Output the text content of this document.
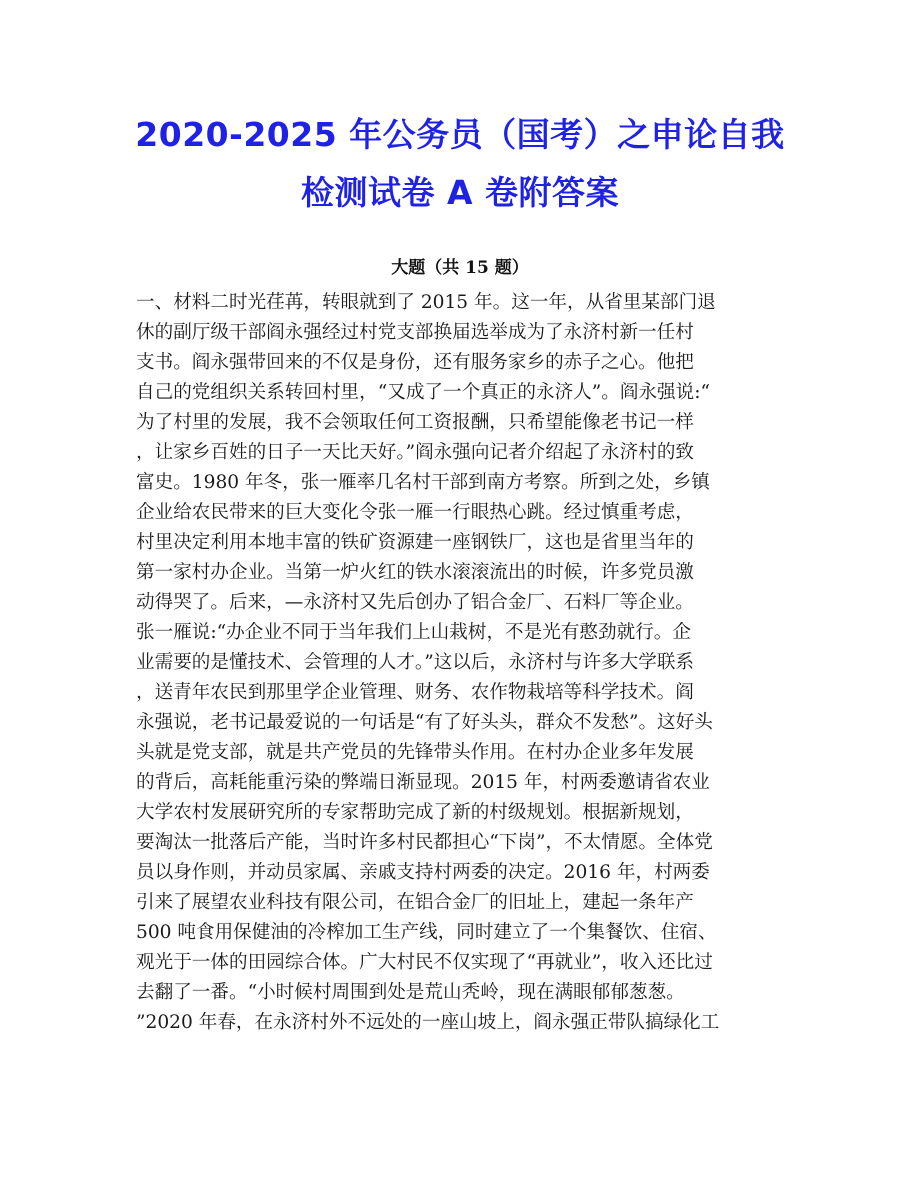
2020-2025 年公务员（国考）之申论自我
检测试卷 A 卷附答案
大题（共 15 题）
一、材料二时光荏苒，转眼就到了 2015 年。这一年，从省里某部门退
休的副厅级干部阎永强经过村党支部换届选举成为了永济村新一任村
支书。阎永强带回来的不仅是身份，还有服务家乡的赤子之心。他把
自己的党组织关系转回村里，“又成了一个真正的永济人”。阎永强说:“
为了村里的发展，我不会领取任何工资报酬，只希望能像老书记一样
，让家乡百姓的日子一天比天好。”阎永强向记者介绍起了永济村的致
富史。1980 年冬，张一雁率几名村干部到南方考察。所到之处，乡镇
企业给农民带来的巨大变化令张一雁一行眼热心跳。经过慎重考虑，
村里决定利用本地丰富的铁矿资源建一座钢铁厂，这也是省里当年的
第一家村办企业。当第一炉火红的铁水滚滚流出的时候，许多党员激
动得哭了。后来，—永济村又先后创办了铝合金厂、石料厂等企业。
张一雁说:“办企业不同于当年我们上山栽树，不是光有憨劲就行。企
业需要的是懂技术、会管理的人才。”这以后，永济村与许多大学联系
，送青年农民到那里学企业管理、财务、农作物栽培等科学技术。阎
永强说，老书记最爱说的一句话是“有了好头头，群众不发愁”。这好头
头就是党支部，就是共产党员的先锋带头作用。在村办企业多年发展
的背后，高耗能重污染的弊端日渐显现。2015 年，村两委邀请省农业
大学农村发展研究所的专家帮助完成了新的村级规划。根据新规划，
要淘汰一批落后产能，当时许多村民都担心“下岗”，不太情愿。全体党
员以身作则，并动员家属、亲戚支持村两委的决定。2016 年，村两委
引来了展望农业科技有限公司，在铝合金厂的旧址上，建起一条年产
500 吨食用保健油的冷榨加工生产线，同时建立了一个集餐饮、住宿、
观光于一体的田园综合体。广大村民不仅实现了“再就业”，收入还比过
去翻了一番。“小时候村周围到处是荒山秃岭，现在满眼郁郁葱葱。
”2020 年春，在永济村外不远处的一座山坡上，阎永强正带队搞绿化工
